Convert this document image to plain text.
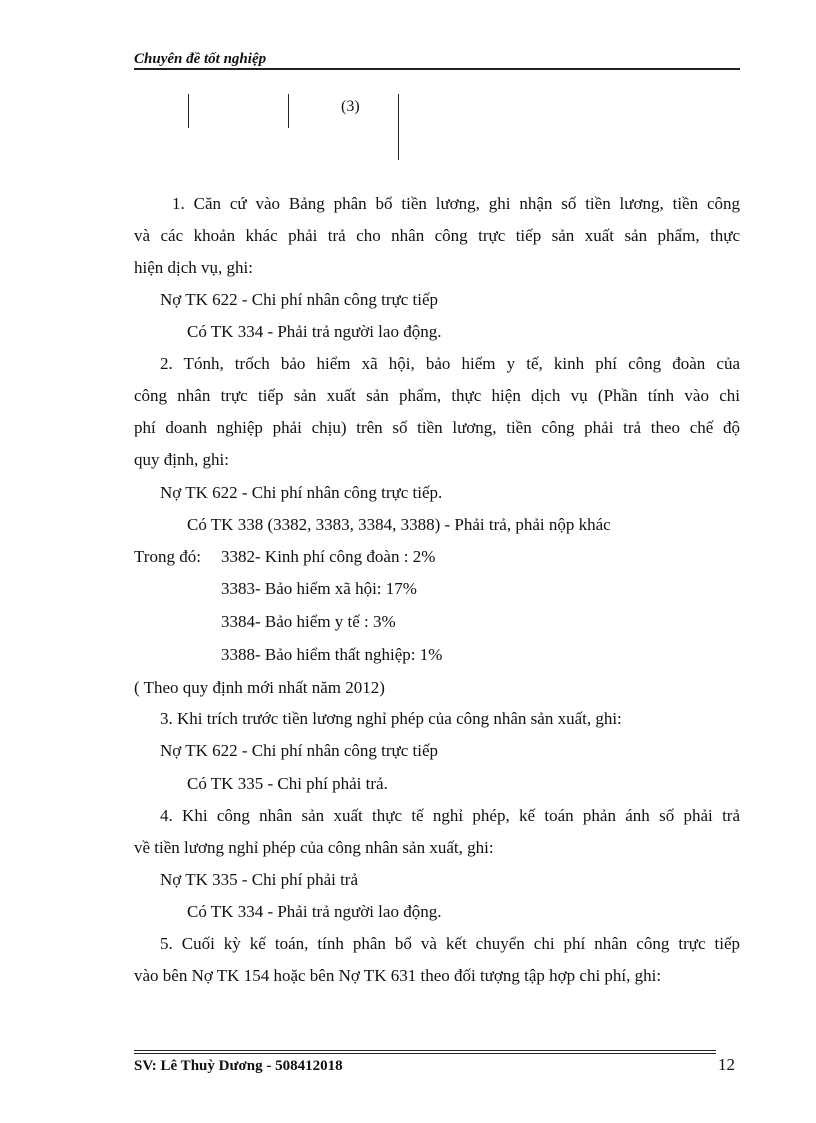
Chuyên đề tốt nghiệp
(3)
1. Căn cứ vào Bảng phân bổ tiền lương, ghi nhận số tiền lương, tiền công
và các khoản khác phải trả cho nhân công trực tiếp sản xuất sản phẩm, thực
hiện dịch vụ, ghi:
Nợ TK 622 - Chi phí nhân công trực tiếp
Có TK 334 - Phải trả người lao động.
2. Tónh, trốch bảo hiểm xã hội, bảo hiểm y tế, kinh phí công đoàn của
công nhân trực tiếp sản xuất sản phẩm, thực hiện dịch vụ (Phần tính vào chi
phí doanh nghiệp phải chịu) trên số tiền lương, tiền công phải trả theo chế độ
quy định, ghi:
Nợ TK 622 - Chi phí nhân công trực tiếp.
Có TK 338 (3382, 3383, 3384, 3388) - Phải trả, phải nộp khác
Trong đó: 3382- Kinh phí công đoàn : 2%
3383- Bảo hiểm xã hội: 17%
3384- Bảo hiểm y tế : 3%
3388- Bảo hiểm thất nghiệp: 1%
( Theo quy định mới nhất năm 2012)
3. Khi trích trước tiền lương nghỉ phép của công nhân sản xuất, ghi:
Nợ TK 622 - Chi phí nhân công trực tiếp
Có TK 335 - Chi phí phải trả.
4. Khi công nhân sản xuất thực tế nghỉ phép, kế toán phản ánh số phải trả
về tiền lương nghỉ phép của công nhân sản xuất, ghi:
Nợ TK 335 - Chi phí phải trả
Có TK 334 - Phải trả người lao động.
5. Cuối kỳ kế toán, tính phân bổ và kết chuyển chi phí nhân công trực tiếp
vào bên Nợ TK 154 hoặc bên Nợ TK 631 theo đối tượng tập hợp chi phí, ghi:
SV: Lê Thuỳ Dương - 508412018	12
